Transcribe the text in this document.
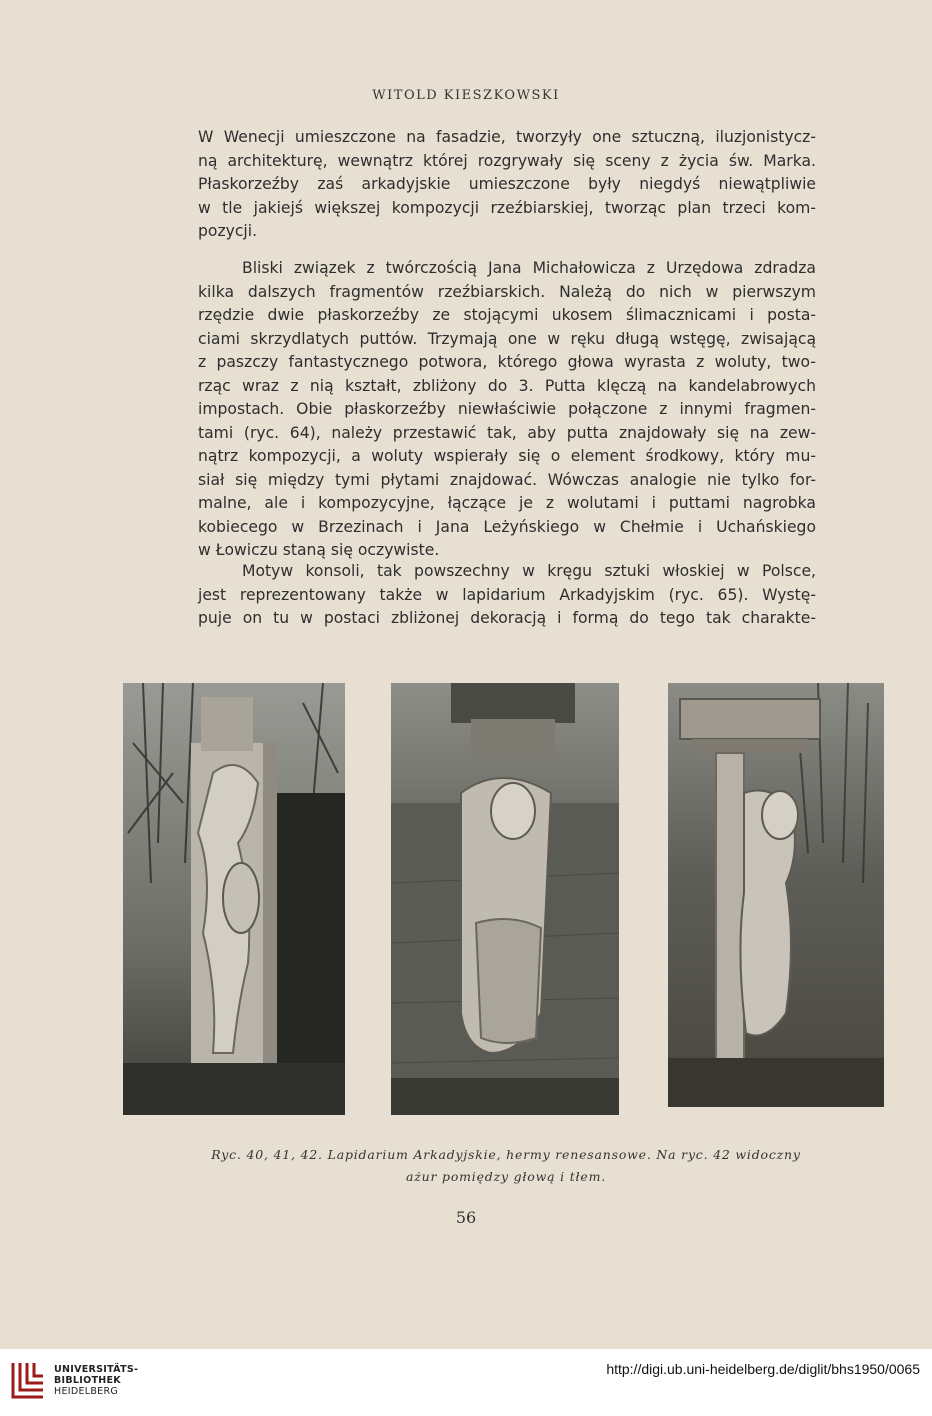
WITOLD KIESZKOWSKI
W Wenecji umieszczone na fasadzie, tworzyły one sztuczną, iluzjonistycz-
ną architekturę, wewnątrz której rozgrywały się sceny z życia św. Marka.
Płaskorzeźby zaś arkadyjskie umieszczone były niegdyś niewątpliwie
w tle jakiejś większej kompozycji rzeźbiarskiej, tworząc plan trzeci kom-
pozycji.
Bliski związek z twórczością Jana Michałowicza z Urzędowa zdradza
kilka dalszych fragmentów rzeźbiarskich. Należą do nich w pierwszym
rzędzie dwie płaskorzeźby ze stojącymi ukosem ślimacznicami i posta-
ciami skrzydlatych puttów. Trzymają one w ręku długą wstęgę, zwisającą
z paszczy fantastycznego potwora, którego głowa wyrasta z woluty, two-
rząc wraz z nią kształt, zbliżony do 3. Putta klęczą na kandelabrowych
impostach. Obie płaskorzeźby niewłaściwie połączone z innymi fragmen-
tami (ryc. 64), należy przestawić tak, aby putta znajdowały się na zew-
nątrz kompozycji, a woluty wspierały się o element środkowy, który mu-
siał się między tymi płytami znajdować. Wówczas analogie nie tylko for-
malne, ale i kompozycyjne, łączące je z wolutami i puttami nagrobka
kobiecego w Brzezinach i Jana Leżyńskiego w Chełmie i Uchańskiego
w Łowiczu staną się oczywiste.
Motyw konsoli, tak powszechny w kręgu sztuki włoskiej w Polsce,
jest reprezentowany także w lapidarium Arkadyjskim (ryc. 65). Wystę-
puje on tu w postaci zbliżonej dekoracją i formą do tego tak charakte-
Ryc. 40, 41, 42. Lapidarium Arkadyjskie, hermy renesansowe. Na ryc. 42 widoczny
ażur pomiędzy głową i tłem.
56
UNIVERSITÄTS-
BIBLIOTHEK
HEIDELBERG
http://digi.ub.uni-heidelberg.de/diglit/bhs1950/0065
